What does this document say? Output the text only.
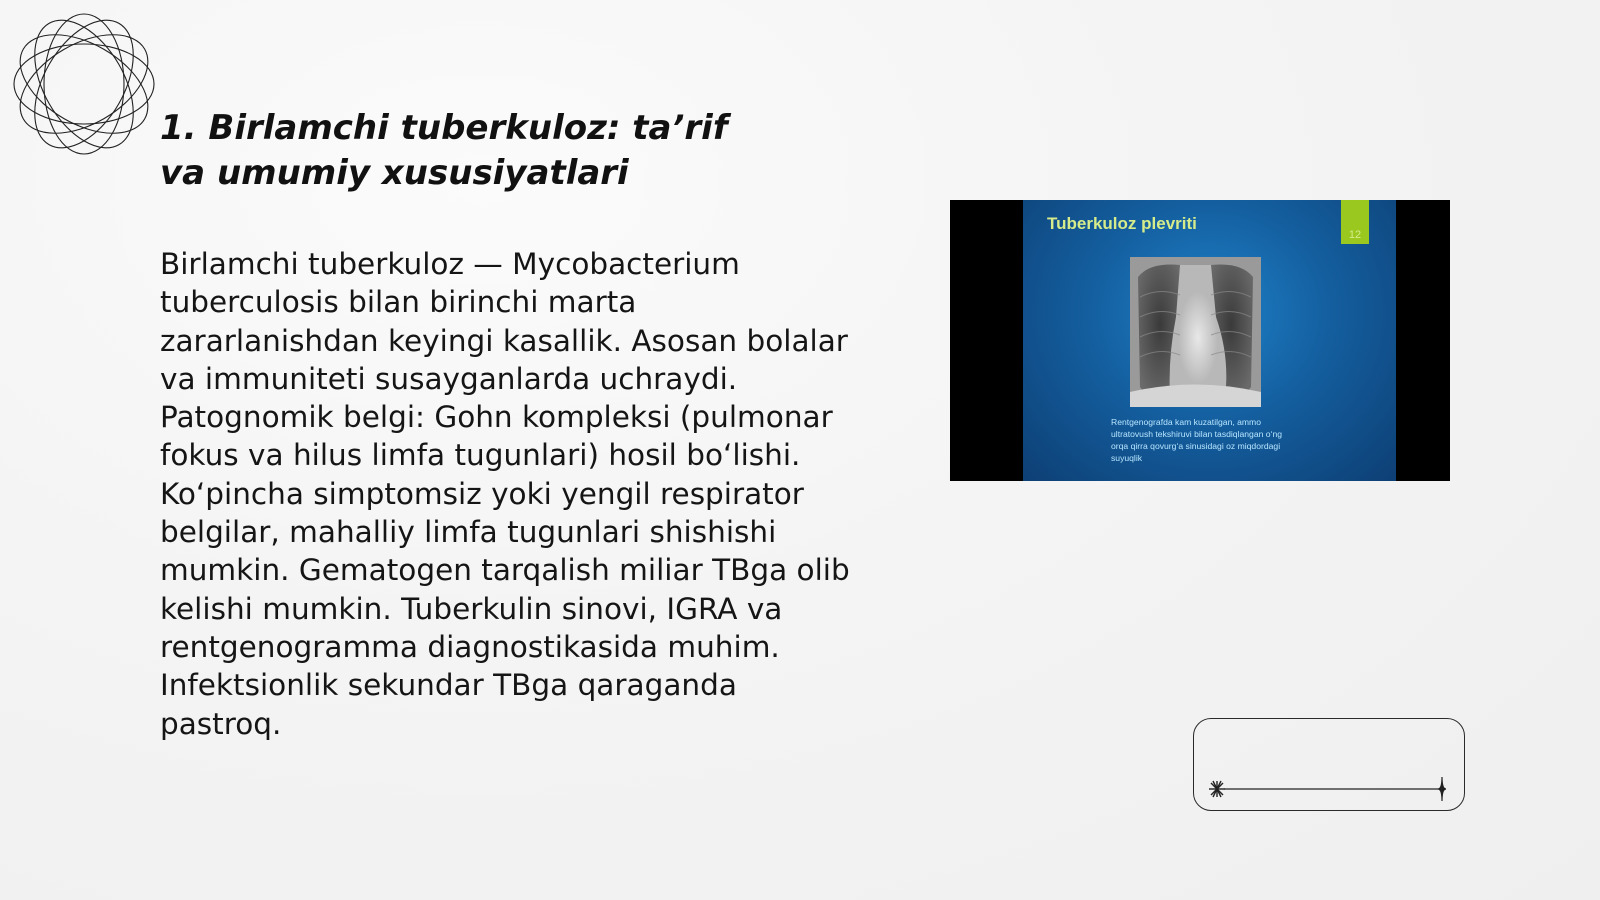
1. Birlamchi tuberkuloz: ta’rif va umumiy xususiyatlari

Birlamchi tuberkuloz — Mycobacterium tuberculosis bilan birinchi marta zararlanishdan keyingi kasallik. Asosan bolalar va immuniteti susayganlarda uchraydi. Patognomik belgi: Gohn kompleksi (pulmonar fokus va hilus limfa tugunlari) hosil bo‘lishi. Ko‘pincha simptomsiz yoki yengil respirator belgilar, mahalliy limfa tugunlari shishishi mumkin. Gematogen tarqalish miliar TBga olib kelishi mumkin. Tuberkulin sinovi, IGRA va rentgenogramma diagnostikasida muhim. Infektsionlik sekundar TBga qaraganda pastroq.

Tuberkuloz plevriti
12
Rentgenografda kam kuzatilgan, ammo ultratovush tekshiruvi bilan tasdiqlangan o‘ng orqa qirra qovurg‘a sinusidagi oz miqdordagi suyuqlik
